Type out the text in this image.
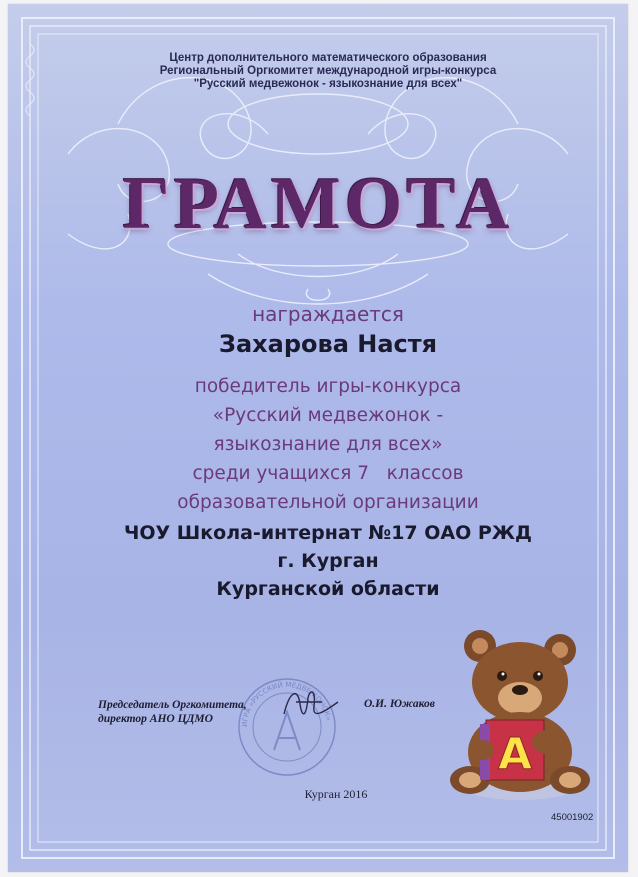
Центр дополнительного математического образования
Региональный Оргкомитет международной игры-конкурса
"Русский медвежонок - языкознание для всех"
ГРАМОТА
награждается
Захарова Настя
победитель игры-конкурса
«Русский медвежонок -
языкознание для всех»
среди учащихся 7   классов
образовательной организации
ЧОУ Школа-интернат №17 ОАО РЖД
г. Курган
Курганской области
ИГРА «РУССКИЙ МЕДВЕЖОНОК»
Председатель Оргкомитета,
директор АНО ЦДМО
О.И. Южаков
Курган 2016
45001902
А
